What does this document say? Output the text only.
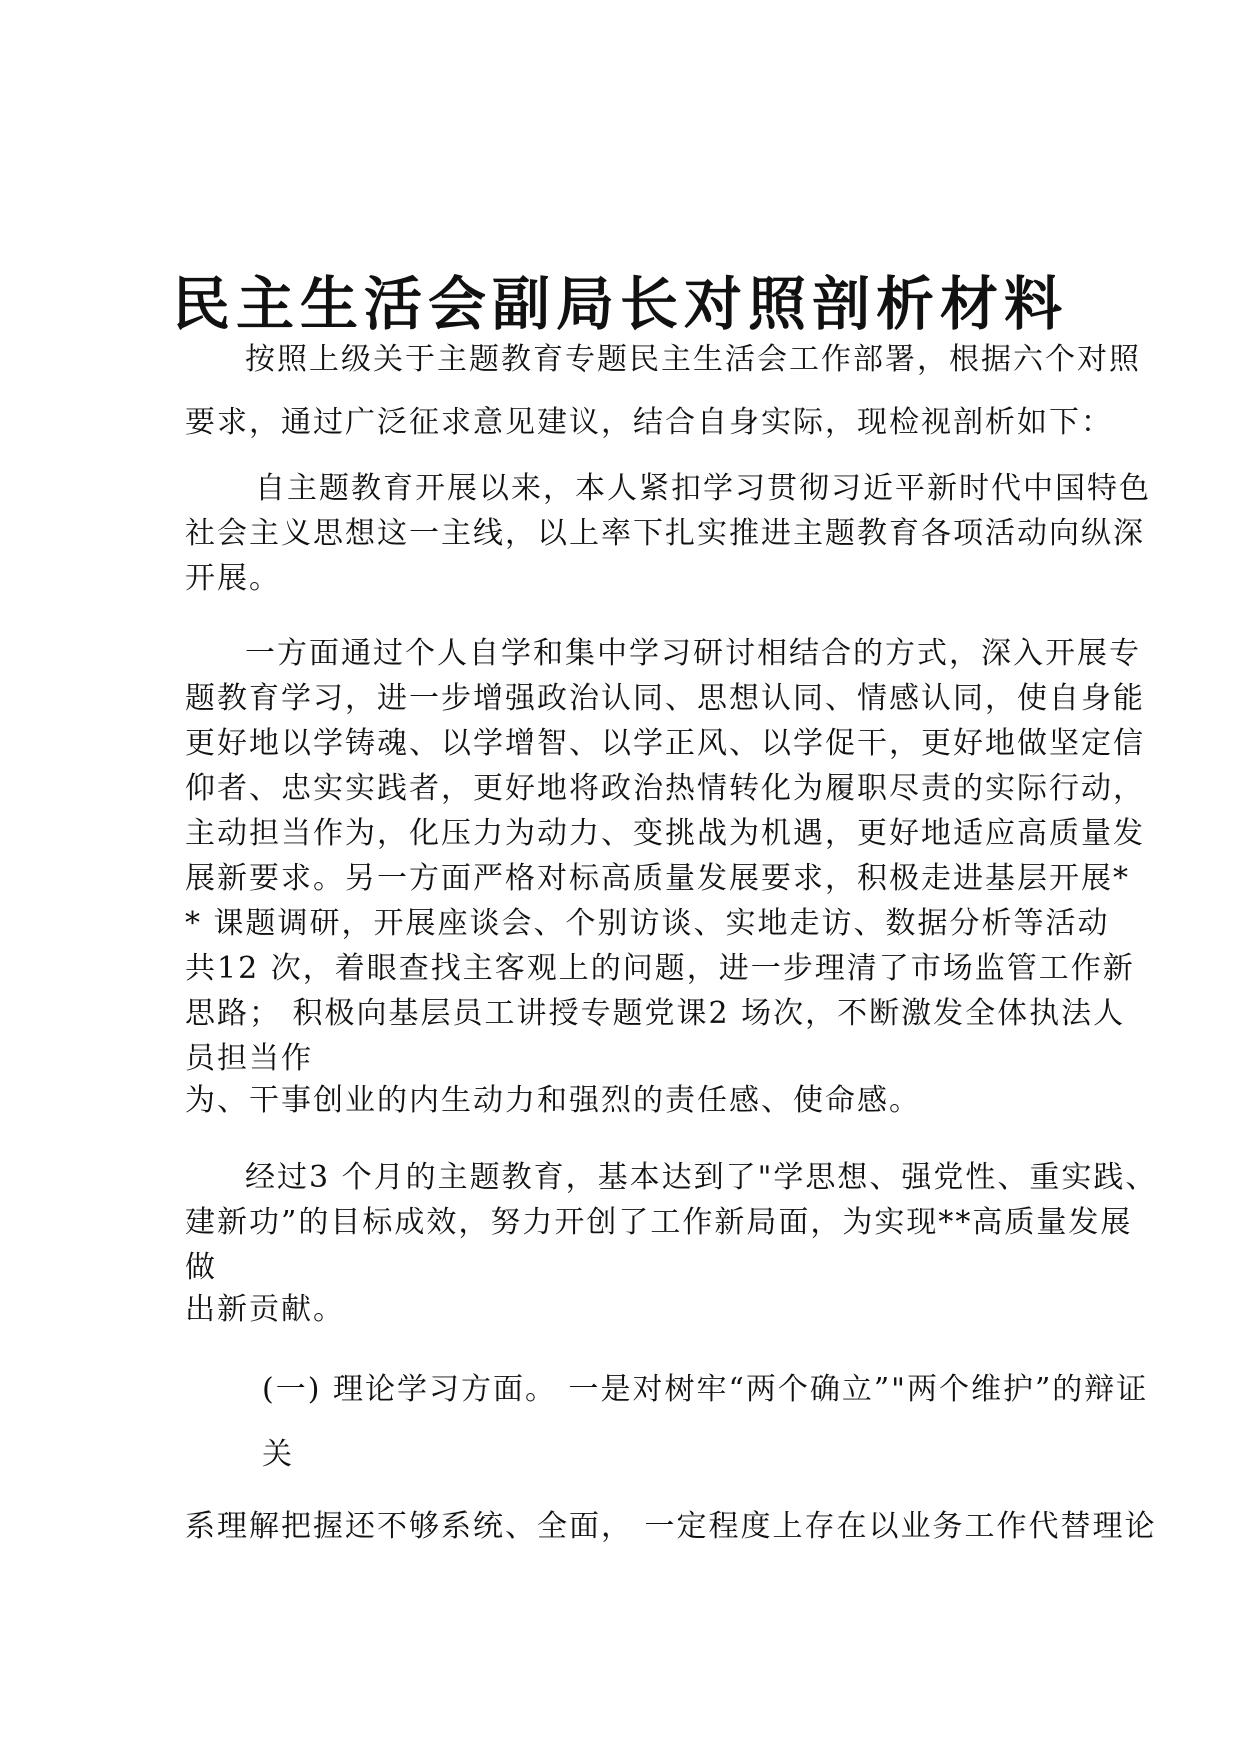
民主生活会副局长对照剖析材料

按照上级关于主题教育专题民主生活会工作部署，根据六个对照

要求，通过广泛征求意见建议，结合自身实际，现检视剖析如下：

自主题教育开展以来，本人紧扣学习贯彻习近平新时代中国特色

社会主义思想这一主线，以上率下扎实推进主题教育各项活动向纵深

开展。

一方面通过个人自学和集中学习研讨相结合的方式，深入开展专

题教育学习，进一步增强政治认同、思想认同、情感认同，使自身能

更好地以学铸魂、以学增智、以学正风、以学促干，更好地做坚定信

仰者、忠实实践者，更好地将政治热情转化为履职尽责的实际行动，

主动担当作为，化压力为动力、变挑战为机遇，更好地适应高质量发

展新要求。另一方面严格对标高质量发展要求，积极走进基层开展*

* 课题调研，开展座谈会、个别访谈、实地走访、数据分析等活动

共12 次，着眼查找主客观上的问题，进一步理清了市场监管工作新

思路； 积极向基层员工讲授专题党课2 场次，不断激发全体执法人

员担当作

为、干事创业的内生动力和强烈的责任感、使命感。

经过3 个月的主题教育，基本达到了"学思想、强党性、重实践、

建新功”的目标成效，努力开创了工作新局面，为实现**高质量发展

做

出新贡献。

(一) 理论学习方面。 一是对树牢“两个确立”"两个维护”的辩证

关

系理解把握还不够系统、全面， 一定程度上存在以业务工作代替理论
